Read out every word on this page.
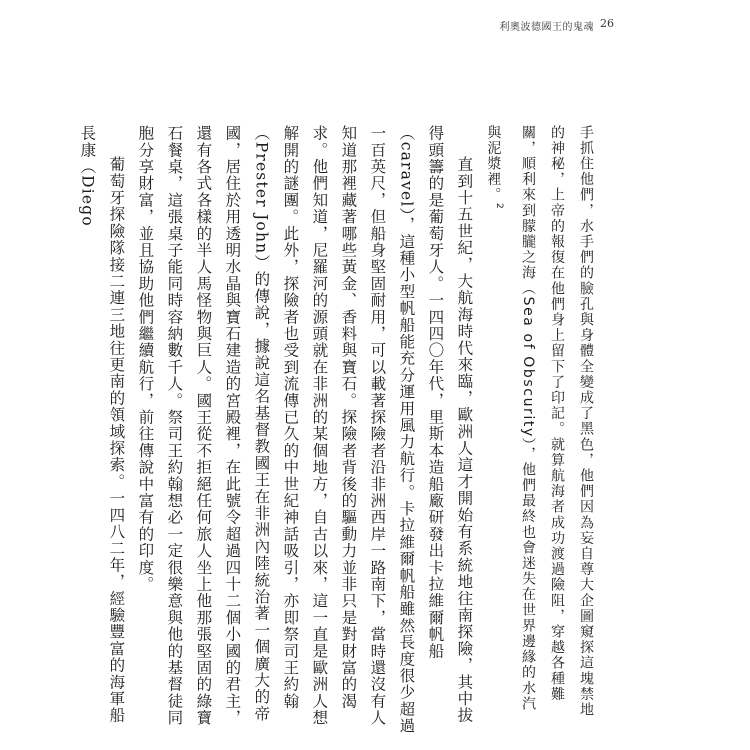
利奧波德國王的鬼魂 26

手抓住他們，水手們的臉孔與身體全變成了黑色，他們因為妄自尊大企圖窺探這塊禁地的神秘，上帝的報復在他們身上留下了印記。就算航海者成功渡過險阻，穿越各種難關，順利來到朦朧之海（Sea of Obscurity），他們最終也會迷失在世界邊緣的水汽與泥漿裡。$^2$

直到十五世紀，大航海時代來臨，歐洲人這才開始有系統地往南探險，其中拔得頭籌的是葡萄牙人。一四四〇年代，里斯本造船廠研發出卡拉維爾帆船（caravel），這種小型帆船能充分運用風力航行。卡拉維爾帆船雖然長度很少超過一百英尺，但船身堅固耐用，可以載著探險者沿非洲西岸一路南下，當時還沒有人知道那裡藏著哪些黃金、香料與寶石。探險者背後的驅動力並非只是對財富的渴求。他們知道，尼羅河的源頭就在非洲的某個地方，自古以來，這一直是歐洲人想解開的謎團。此外，探險者也受到流傳已久的中世紀神話吸引，亦即祭司王約翰（Prester John）的傳說，據說這名基督教國王在非洲內陸統治著一個廣大的帝國，居住於用透明水晶與寶石建造的宮殿裡，在此號令超過四十二個小國的君主，還有各式各樣的半人馬怪物與巨人。國王從不拒絕任何旅人坐上他那張堅固的綠寶石餐桌，這張桌子能同時容納數千人。祭司王約翰想必一定很樂意與他的基督徒同胞分享財富，並且協助他們繼續航行，前往傳說中富有的印度。

葡萄牙探險隊接二連三地往更南的領域探索。一四八二年，經驗豐富的海軍船長康（Diego
